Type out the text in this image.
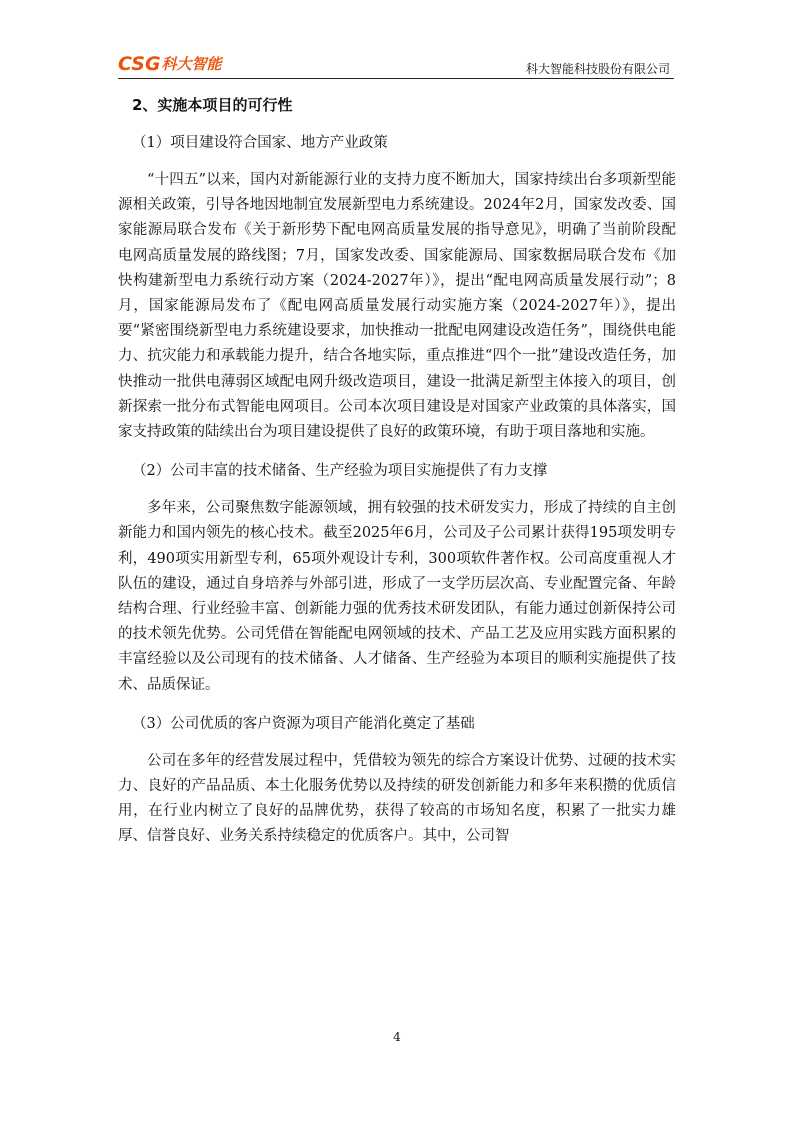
CSG 科大智能	科大智能科技股份有限公司
2、实施本项目的可行性
（1）项目建设符合国家、地方产业政策

“十四五”以来，国内对新能源行业的支持力度不断加大，国家持续出台多项新型能源相关政策，引导各地因地制宜发展新型电力系统建设。2024年2月，国家发改委、国家能源局联合发布《关于新形势下配电网高质量发展的指导意见》，明确了当前阶段配电网高质量发展的路线图；7月，国家发改委、国家能源局、国家数据局联合发布《加快构建新型电力系统行动方案（2024-2027年）》，提出“配电网高质量发展行动”；8月，国家能源局发布了《配电网高质量发展行动实施方案（2024-2027年）》，提出要“紧密围绕新型电力系统建设要求，加快推动一批配电网建设改造任务”，围绕供电能力、抗灾能力和承载能力提升，结合各地实际，重点推进“四个一批”建设改造任务，加快推动一批供电薄弱区域配电网升级改造项目，建设一批满足新型主体接入的项目，创新探索一批分布式智能电网项目。公司本次项目建设是对国家产业政策的具体落实，国家支持政策的陆续出台为项目建设提供了良好的政策环境，有助于项目落地和实施。

（2）公司丰富的技术储备、生产经验为项目实施提供了有力支撑

多年来，公司聚焦数字能源领域，拥有较强的技术研发实力，形成了持续的自主创新能力和国内领先的核心技术。截至2025年6月，公司及子公司累计获得195项发明专利，490项实用新型专利，65项外观设计专利，300项软件著作权。公司高度重视人才队伍的建设，通过自身培养与外部引进，形成了一支学历层次高、专业配置完备、年龄结构合理、行业经验丰富、创新能力强的优秀技术研发团队，有能力通过创新保持公司的技术领先优势。公司凭借在智能配电网领域的技术、产品工艺及应用实践方面积累的丰富经验以及公司现有的技术储备、人才储备、生产经验为本项目的顺利实施提供了技术、品质保证。

（3）公司优质的客户资源为项目产能消化奠定了基础

公司在多年的经营发展过程中，凭借较为领先的综合方案设计优势、过硬的技术实力、良好的产品品质、本土化服务优势以及持续的研发创新能力和多年来积攒的优质信用，在行业内树立了良好的品牌优势，获得了较高的市场知名度，积累了一批实力雄厚、信誉良好、业务关系持续稳定的优质客户。其中，公司智

4
